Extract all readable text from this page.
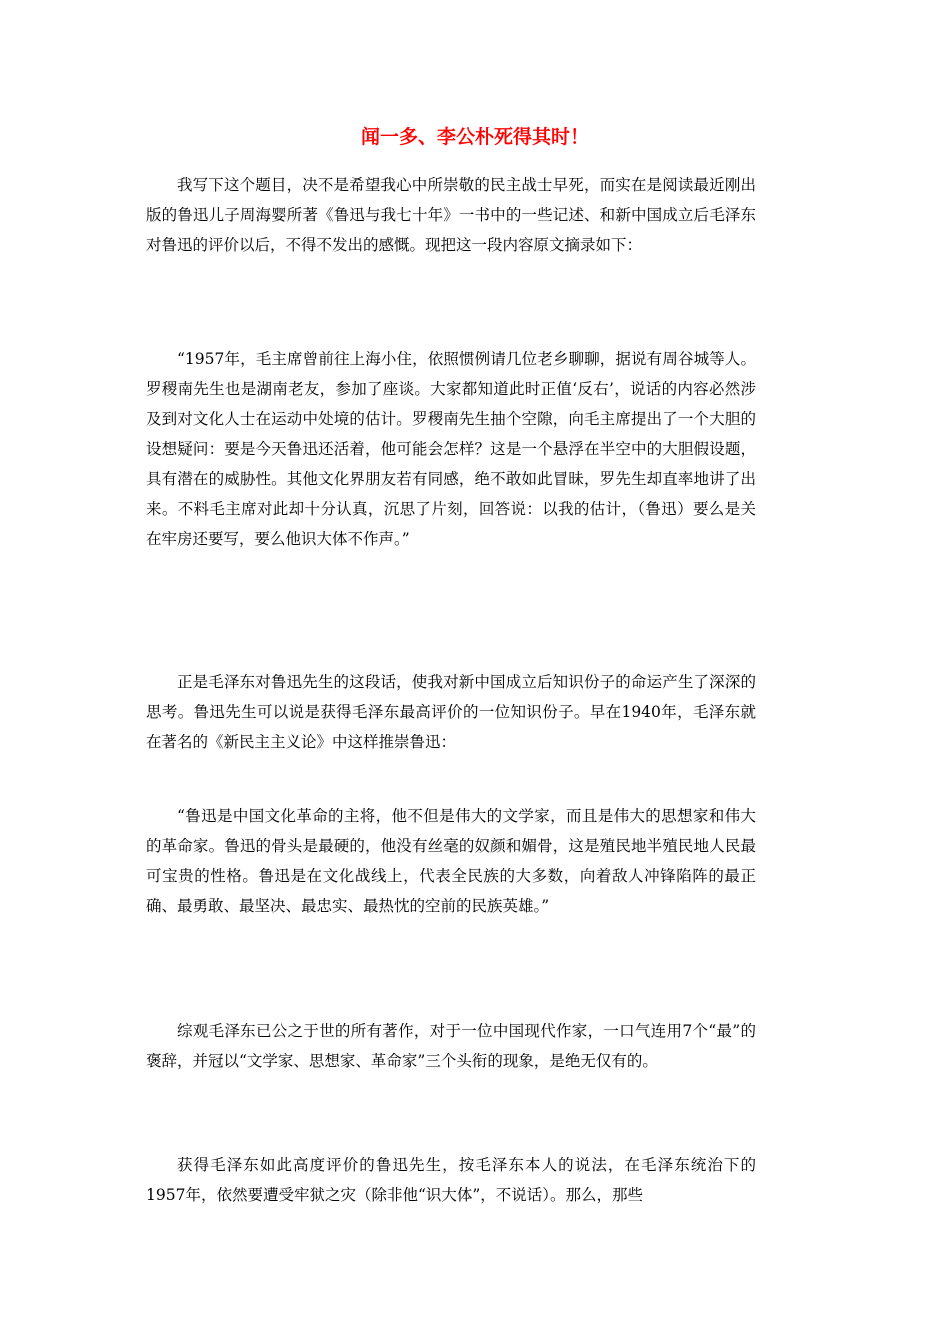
闻一多、李公朴死得其时！

我写下这个题目，决不是希望我心中所崇敬的民主战士早死，而实在是阅读最近刚出版的鲁迅儿子周海婴所著《鲁迅与我七十年》一书中的一些记述、和新中国成立后毛泽东对鲁迅的评价以后，不得不发出的感慨。现把这一段内容原文摘录如下：

“1957年，毛主席曾前往上海小住，依照惯例请几位老乡聊聊，据说有周谷城等人。罗稷南先生也是湖南老友，参加了座谈。大家都知道此时正值‘反右’，说话的内容必然涉及到对文化人士在运动中处境的估计。罗稷南先生抽个空隙，向毛主席提出了一个大胆的设想疑问：要是今天鲁迅还活着，他可能会怎样？这是一个悬浮在半空中的大胆假设题，具有潜在的威胁性。其他文化界朋友若有同感，绝不敢如此冒昧，罗先生却直率地讲了出来。不料毛主席对此却十分认真，沉思了片刻，回答说：以我的估计，（鲁迅）要么是关在牢房还要写，要么他识大体不作声。”

正是毛泽东对鲁迅先生的这段话，使我对新中国成立后知识份子的命运产生了深深的思考。鲁迅先生可以说是获得毛泽东最高评价的一位知识份子。早在1940年，毛泽东就在著名的《新民主主义论》中这样推崇鲁迅：

“鲁迅是中国文化革命的主将，他不但是伟大的文学家，而且是伟大的思想家和伟大的革命家。鲁迅的骨头是最硬的，他没有丝毫的奴颜和媚骨，这是殖民地半殖民地人民最可宝贵的性格。鲁迅是在文化战线上，代表全民族的大多数，向着敌人冲锋陷阵的最正确、最勇敢、最坚决、最忠实、最热忱的空前的民族英雄。”

综观毛泽东已公之于世的所有著作，对于一位中国现代作家，一口气连用7个“最”的褒辞，并冠以“文学家、思想家、革命家”三个头衔的现象，是绝无仅有的。

获得毛泽东如此高度评价的鲁迅先生，按毛泽东本人的说法，在毛泽东统治下的1957年，依然要遭受牢狱之灾（除非他“识大体”，不说话）。那么，那些
